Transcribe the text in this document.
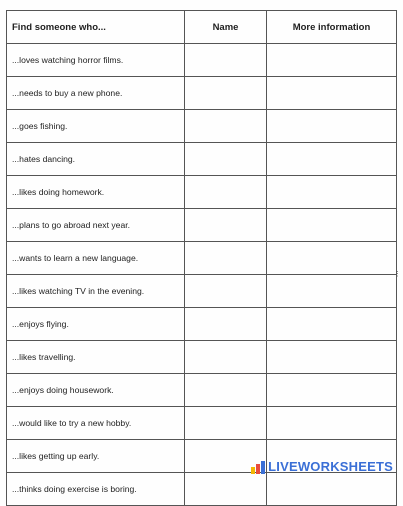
Find someone who...	Name	More information
...loves watching horror films.		
...needs to buy a new phone.		
...goes fishing.		
...hates dancing.		
...likes doing homework.		
...plans to go abroad next year.		
...wants to learn a new language.		
...likes watching TV in the evening.		
...enjoys flying.		
...likes travelling.		
...enjoys doing housework.		
...would like to try a new hobby.		
...likes getting up early.		
...thinks doing exercise is boring.		
⋮
LIVEWORKSHEETS
